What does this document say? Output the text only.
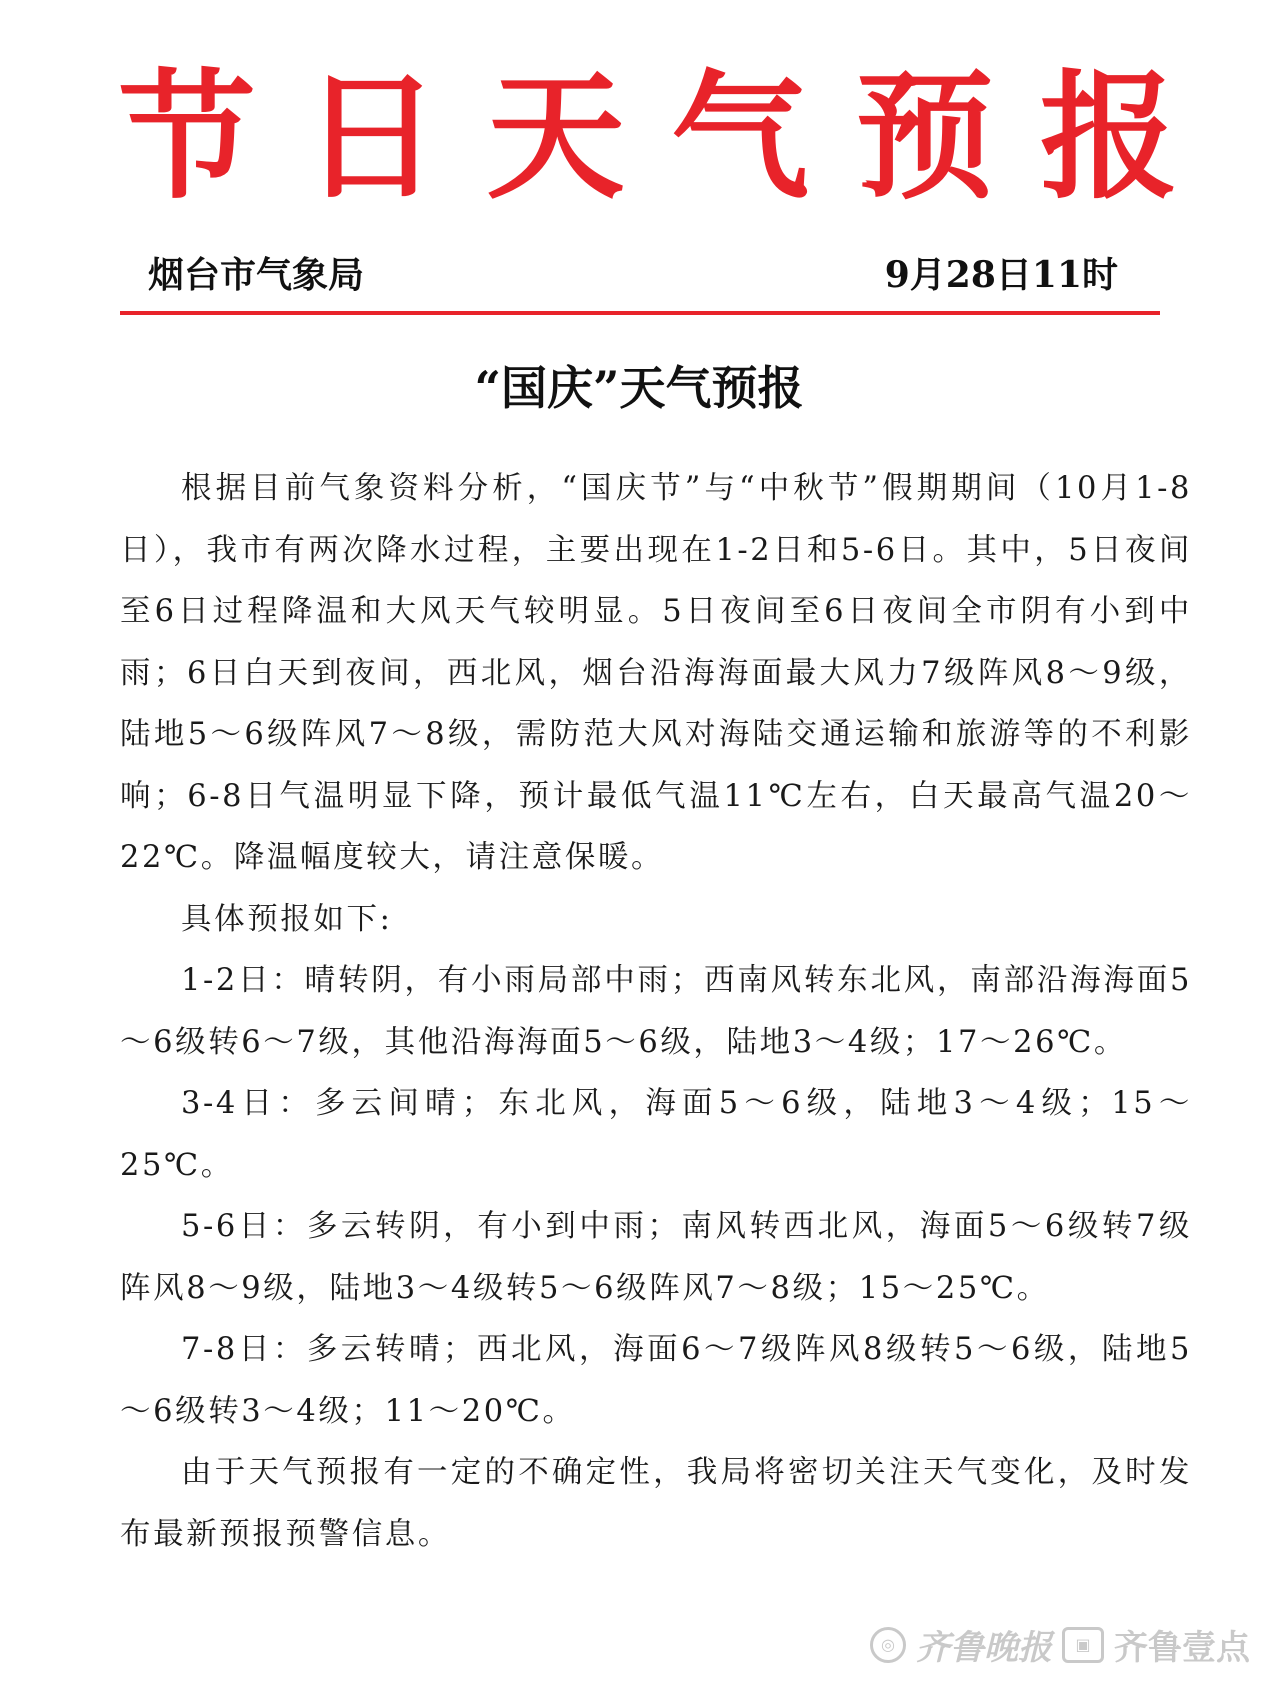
节 日 天 气 预 报
烟台市气象局	9月28日11时
“国庆”天气预报

根据目前气象资料分析，“国庆节”与“中秋节”假期期间（10月1-8日），我市有两次降水过程，主要出现在1-2日和5-6日。其中，5日夜间至6日过程降温和大风天气较明显。5日夜间至6日夜间全市阴有小到中雨；6日白天到夜间，西北风，烟台沿海海面最大风力7级阵风8～9级，陆地5～6级阵风7～8级，需防范大风对海陆交通运输和旅游等的不利影响；6-8日气温明显下降，预计最低气温11℃左右，白天最高气温20～22℃。降温幅度较大，请注意保暖。

具体预报如下:

1-2日：晴转阴，有小雨局部中雨；西南风转东北风，南部沿海海面5～6级转6～7级，其他沿海海面5～6级，陆地3～4级；17～26℃。

3-4日：多云间晴；东北风，海面5～6级，陆地3～4级；15～25℃。

5-6日：多云转阴，有小到中雨；南风转西北风，海面5～6级转7级阵风8～9级，陆地3～4级转5～6级阵风7～8级；15～25℃。

7-8日：多云转晴；西北风，海面6～7级阵风8级转5～6级，陆地5～6级转3～4级；11～20℃。

由于天气预报有一定的不确定性，我局将密切关注天气变化，及时发布最新预报预警信息。

◎ 齐鲁晚报	▣ 齐鲁壹点
